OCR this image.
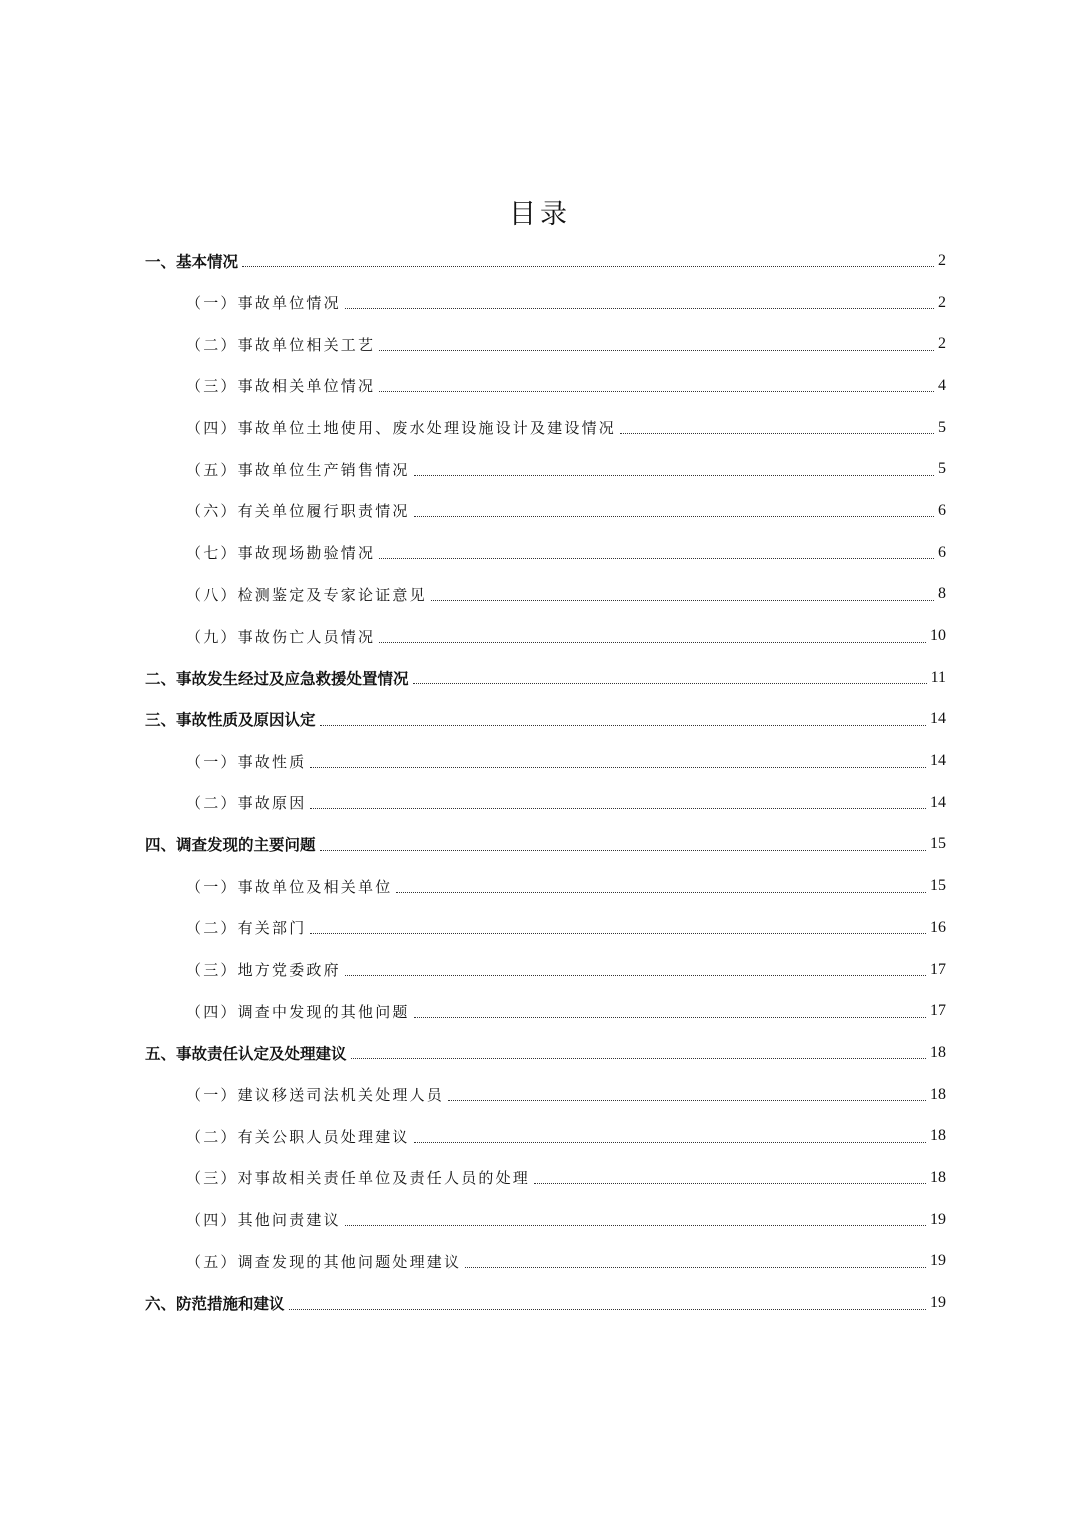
目录
一、基本情况	2
（一）事故单位情况	2
（二）事故单位相关工艺	2
（三）事故相关单位情况	4
（四）事故单位土地使用、废水处理设施设计及建设情况	5
（五）事故单位生产销售情况	5
（六）有关单位履行职责情况	6
（七）事故现场勘验情况	6
（八）检测鉴定及专家论证意见	8
（九）事故伤亡人员情况	10
二、事故发生经过及应急救援处置情况	11
三、事故性质及原因认定	14
（一）事故性质	14
（二）事故原因	14
四、调查发现的主要问题	15
（一）事故单位及相关单位	15
（二）有关部门	16
（三）地方党委政府	17
（四）调查中发现的其他问题	17
五、事故责任认定及处理建议	18
（一）建议移送司法机关处理人员	18
（二）有关公职人员处理建议	18
（三）对事故相关责任单位及责任人员的处理	18
（四）其他问责建议	19
（五）调查发现的其他问题处理建议	19
六、防范措施和建议	19
